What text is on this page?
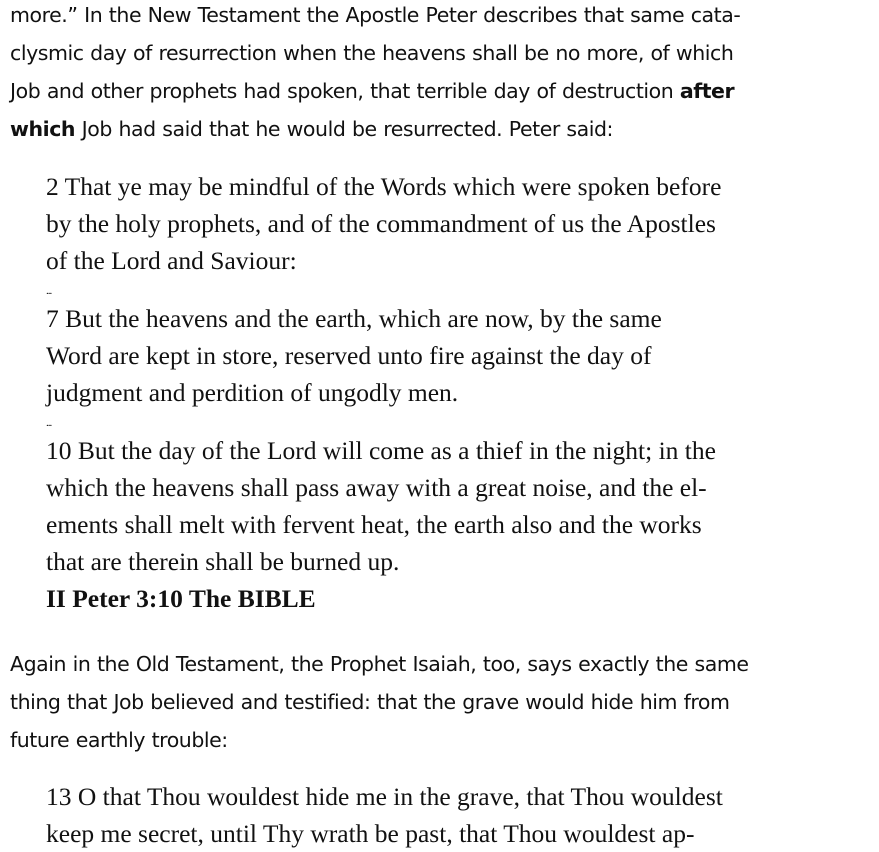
more.” In the New Testament the Apostle Peter describes that same cata-
clysmic day of resurrection when the heavens shall be no more, of which
Job and other prophets had spoken, that terrible day of destruction after
which Job had said that he would be resurrected. Peter said:
2 That ye may be mindful of the Words which were spoken before
by the holy prophets, and of the commandment of us the Apostles
of the Lord and Saviour:
...
7 But the heavens and the earth, which are now, by the same
Word are kept in store, reserved unto fire against the day of
judgment and perdition of ungodly men.
...
10 But the day of the Lord will come as a thief in the night; in the
which the heavens shall pass away with a great noise, and the el-
ements shall melt with fervent heat, the earth also and the works
that are therein shall be burned up.
II Peter 3:10 The BIBLE
Again in the Old Testament, the Prophet Isaiah, too, says exactly the same
thing that Job believed and testified: that the grave would hide him from
future earthly trouble:
13 O that Thou wouldest hide me in the grave, that Thou wouldest
keep me secret, until Thy wrath be past, that Thou wouldest ap-
